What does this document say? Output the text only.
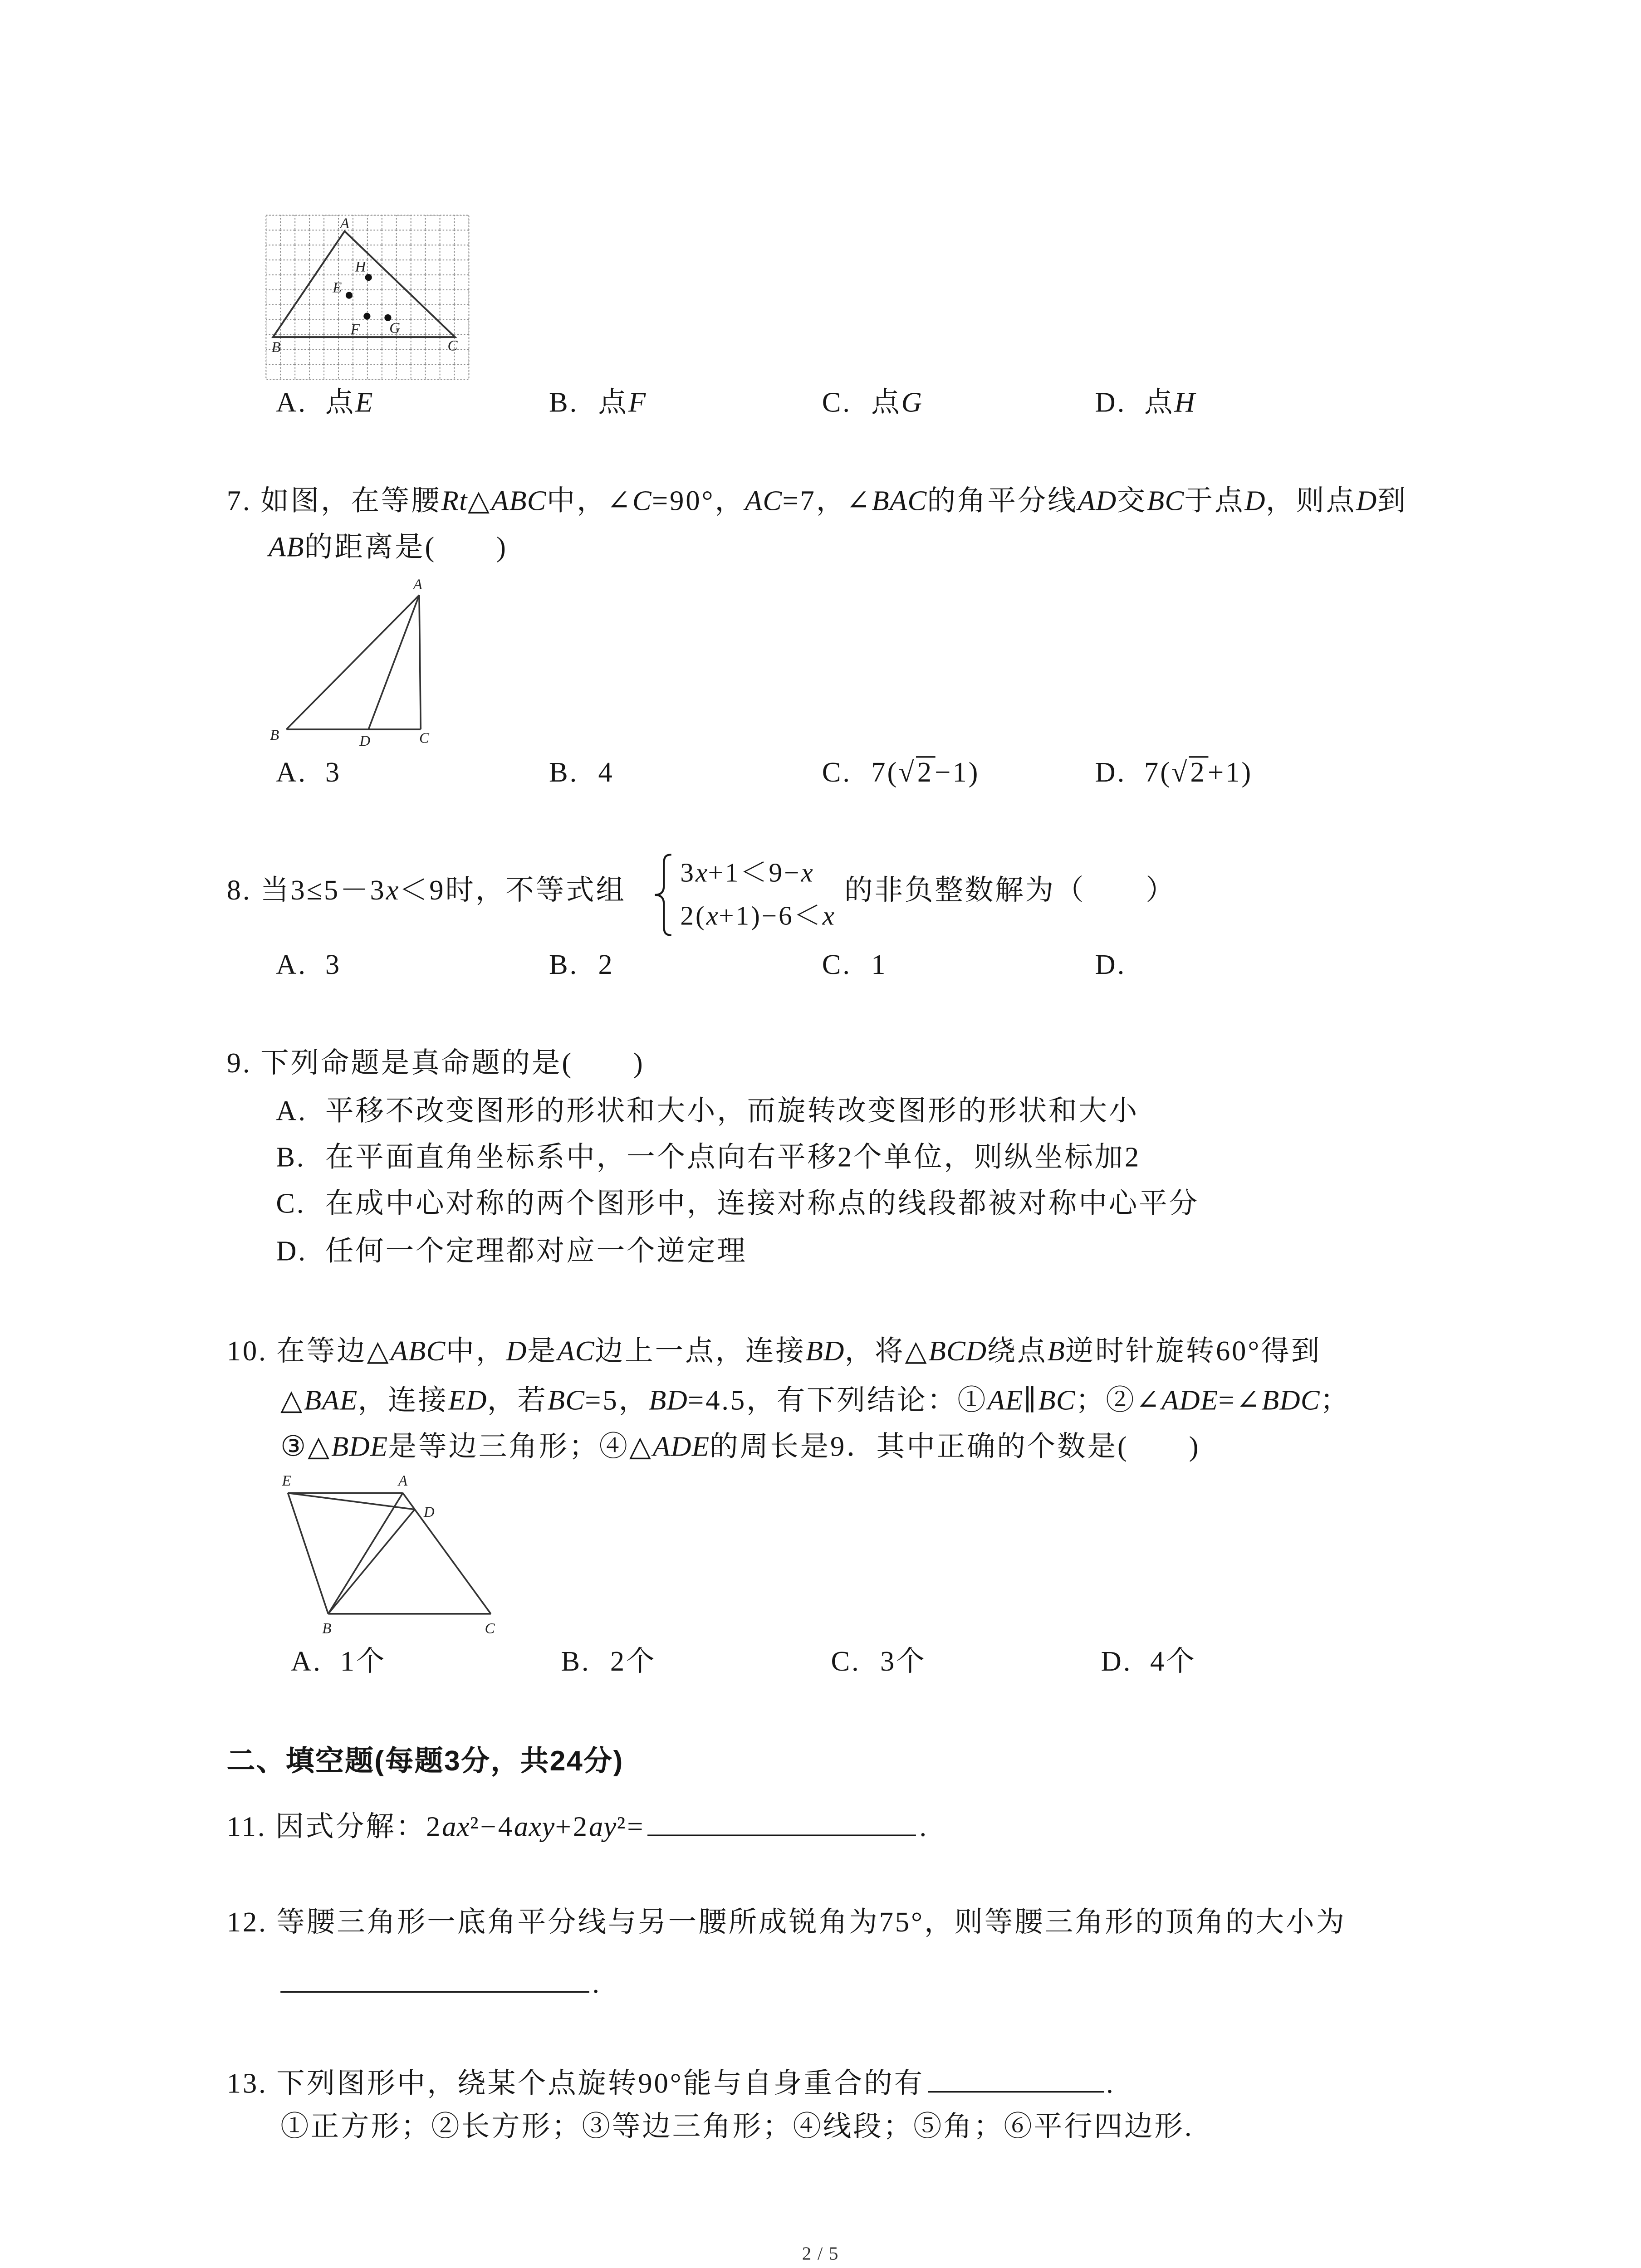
A
B	C
H
E
F	G
A. 点E	B. 点F	C. 点G	D. 点H
7. 如图，在等腰Rt△ABC中，∠C=90°，AC=7，∠BAC的角平分线AD交BC于点D，则点D到
AB的距离是(　　)
A
B	D	C
A. 3	B. 4	C. 7(√ 2 −1)	D. 7(√ 2 +1)
8. 当3≤5－3x＜9时，不等式组
3x+1＜9−x
2(x+1)−6＜x
的非负整数解为（　　）
A. 3	B. 2	C. 1	D.
9. 下列命题是真命题的是(　　)
A. 平移不改变图形的形状和大小，而旋转改变图形的形状和大小
B. 在平面直角坐标系中，一个点向右平移2个单位，则纵坐标加2
C. 在成中心对称的两个图形中，连接对称点的线段都被对称中心平分
D. 任何一个定理都对应一个逆定理
10. 在等边△ABC中，D是AC边上一点，连接BD，将△BCD绕点B逆时针旋转60°得到
△BAE，连接ED，若BC=5，BD=4.5，有下列结论：①AE∥BC；②∠ADE=∠BDC；
③△BDE是等边三角形；④△ADE的周长是9．其中正确的个数是(　　)
E	A
D
B	C
A. 1个	B. 2个	C. 3个	D. 4个
二、填空题(每题3分，共24分)
11. 因式分解：2ax²−4axy+2ay²=	.
12. 等腰三角形一底角平分线与另一腰所成锐角为75°，则等腰三角形的顶角的大小为
.
13. 下列图形中，绕某个点旋转90°能与自身重合的有	.
①正方形；②长方形；③等边三角形；④线段；⑤角；⑥平行四边形.
2 / 5
